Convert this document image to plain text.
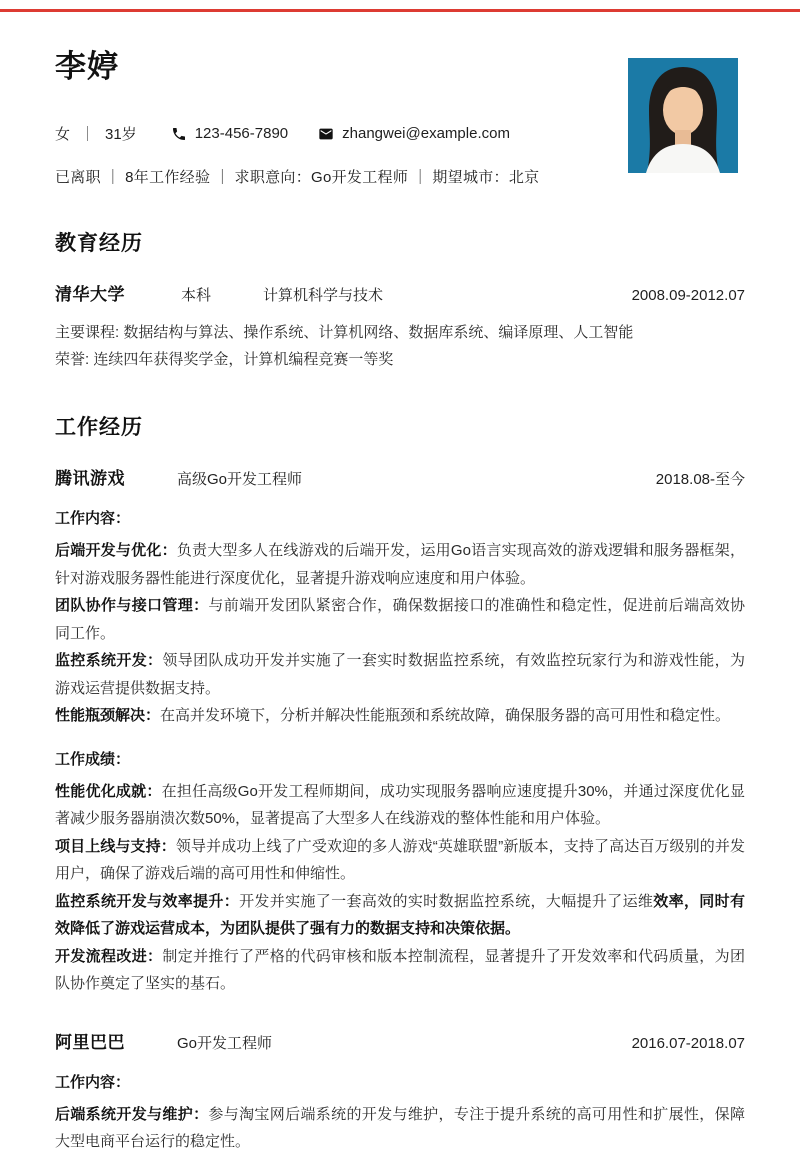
李婷
女 ｜ 31岁	123-456-7890	zhangwei@example.com
已离职 ｜ 8年工作经验 ｜ 求职意向：Go开发工程师 ｜ 期望城市：北京
教育经历
清华大学	本科	计算机科学与技术	2008.09-2012.07
主要课程: 数据结构与算法、操作系统、计算机网络、数据库系统、编译原理、人工智能
荣誉: 连续四年获得奖学金，计算机编程竞赛一等奖
工作经历
腾讯游戏	高级Go开发工程师	2018.08-至今
工作内容：
后端开发与优化：负责大型多人在线游戏的后端开发，运用Go语言实现高效的游戏逻辑和服务器框架，针对游戏服务器性能进行深度优化，显著提升游戏响应速度和用户体验。
团队协作与接口管理：与前端开发团队紧密合作，确保数据接口的准确性和稳定性，促进前后端高效协同工作。
监控系统开发：领导团队成功开发并实施了一套实时数据监控系统，有效监控玩家行为和游戏性能，为游戏运营提供数据支持。
性能瓶颈解决：在高并发环境下，分析并解决性能瓶颈和系统故障，确保服务器的高可用性和稳定性。
工作成绩：
性能优化成就：在担任高级Go开发工程师期间，成功实现服务器响应速度提升30%，并通过深度优化显著减少服务器崩溃次数50%，显著提高了大型多人在线游戏的整体性能和用户体验。
项目上线与支持：领导并成功上线了广受欢迎的多人游戏“英雄联盟”新版本，支持了高达百万级别的并发用户，确保了游戏后端的高可用性和伸缩性。
监控系统开发与效率提升：开发并实施了一套高效的实时数据监控系统，大幅提升了运维效率，同时有效降低了游戏运营成本，为团队提供了强有力的数据支持和决策依据。
开发流程改进：制定并推行了严格的代码审核和版本控制流程，显著提升了开发效率和代码质量，为团队协作奠定了坚实的基石。
阿里巴巴	Go开发工程师	2016.07-2018.07
工作内容：
后端系统开发与维护：参与淘宝网后端系统的开发与维护，专注于提升系统的高可用性和扩展性，保障大型电商平台运行的稳定性。
